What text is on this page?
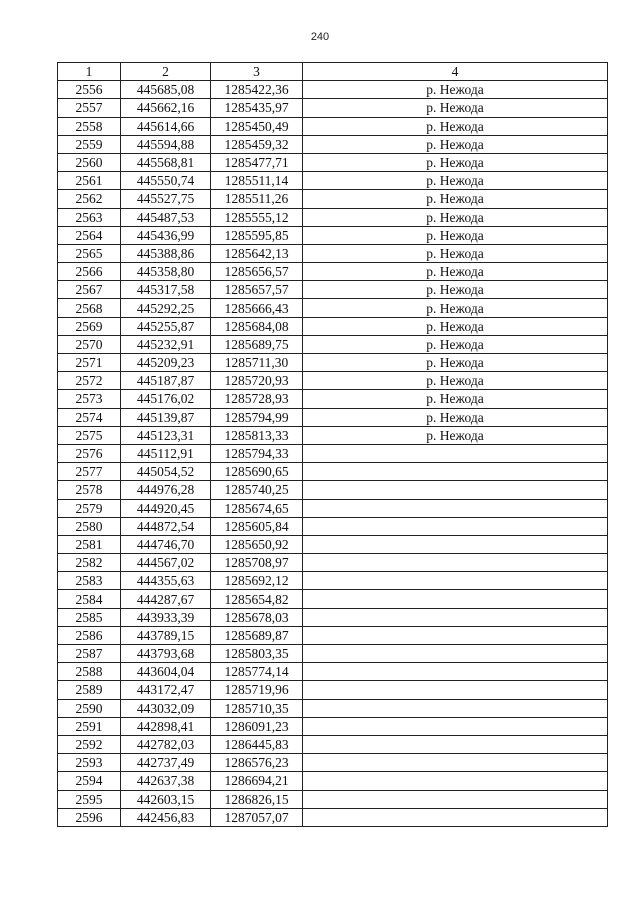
240
1	2	3	4
2556	445685,08	1285422,36	р. Нежода
2557	445662,16	1285435,97	р. Нежода
2558	445614,66	1285450,49	р. Нежода
2559	445594,88	1285459,32	р. Нежода
2560	445568,81	1285477,71	р. Нежода
2561	445550,74	1285511,14	р. Нежода
2562	445527,75	1285511,26	р. Нежода
2563	445487,53	1285555,12	р. Нежода
2564	445436,99	1285595,85	р. Нежода
2565	445388,86	1285642,13	р. Нежода
2566	445358,80	1285656,57	р. Нежода
2567	445317,58	1285657,57	р. Нежода
2568	445292,25	1285666,43	р. Нежода
2569	445255,87	1285684,08	р. Нежода
2570	445232,91	1285689,75	р. Нежода
2571	445209,23	1285711,30	р. Нежода
2572	445187,87	1285720,93	р. Нежода
2573	445176,02	1285728,93	р. Нежода
2574	445139,87	1285794,99	р. Нежода
2575	445123,31	1285813,33	р. Нежода
2576	445112,91	1285794,33	
2577	445054,52	1285690,65	
2578	444976,28	1285740,25	
2579	444920,45	1285674,65	
2580	444872,54	1285605,84	
2581	444746,70	1285650,92	
2582	444567,02	1285708,97	
2583	444355,63	1285692,12	
2584	444287,67	1285654,82	
2585	443933,39	1285678,03	
2586	443789,15	1285689,87	
2587	443793,68	1285803,35	
2588	443604,04	1285774,14	
2589	443172,47	1285719,96	
2590	443032,09	1285710,35	
2591	442898,41	1286091,23	
2592	442782,03	1286445,83	
2593	442737,49	1286576,23	
2594	442637,38	1286694,21	
2595	442603,15	1286826,15	
2596	442456,83	1287057,07	
